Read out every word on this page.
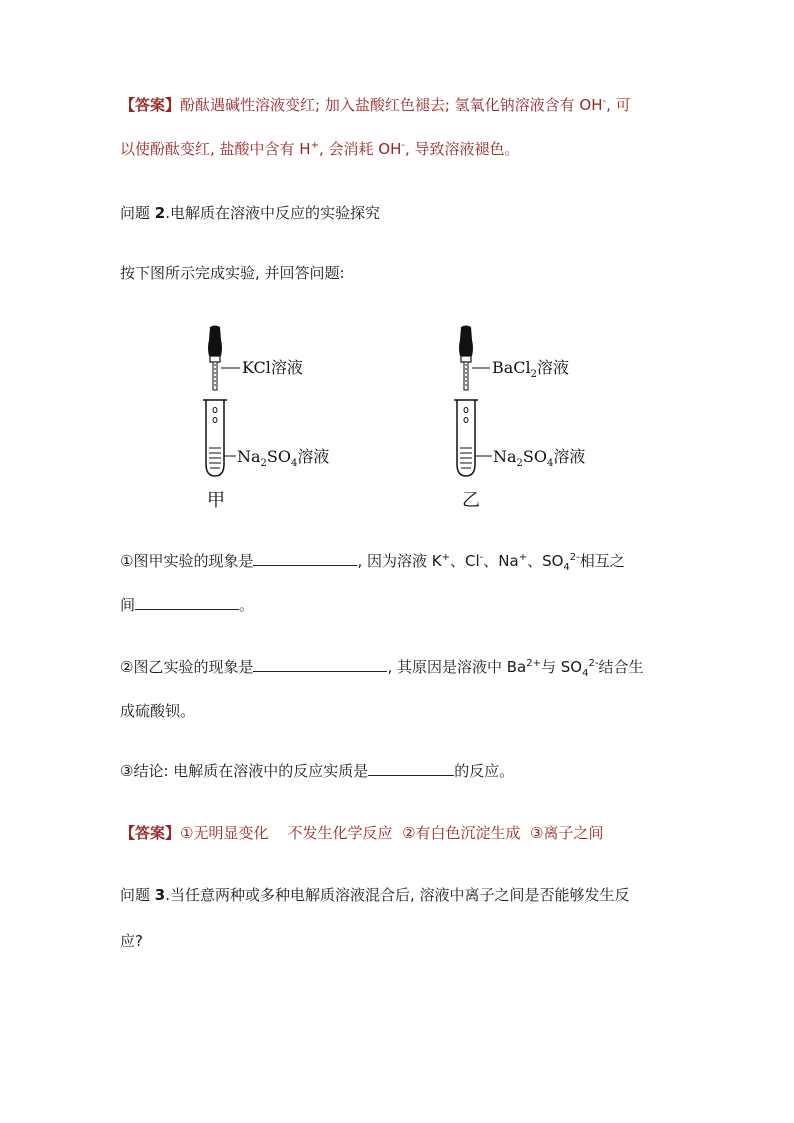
【答案】酚酞遇碱性溶液变红; 加入盐酸红色褪去; 氢氧化钠溶液含有 OH-, 可
以使酚酞变红, 盐酸中含有 H+, 会消耗 OH-, 导致溶液褪色。
问题 2.电解质在溶液中反应的实验探究
按下图所示完成实验, 并回答问题:
KCl溶液
$Na_2SO_4$溶液
甲
BaCl$_2$溶液
$Na_2SO_4$溶液
乙
①图甲实验的现象是	, 因为溶液 K+、Cl-、Na+、$SO_4^{2-}$相互之
间	。
②图乙实验的现象是	, 其原因是溶液中 $Ba^{2+}$与 $SO_4^{2-}$结合生
成硫酸钡。
③结论: 电解质在溶液中的反应实质是	的反应。
【答案】①无明显变化    不发生化学反应  ②有白色沉淀生成  ③离子之间
问题 3.当任意两种或多种电解质溶液混合后, 溶液中离子之间是否能够发生反
应?
